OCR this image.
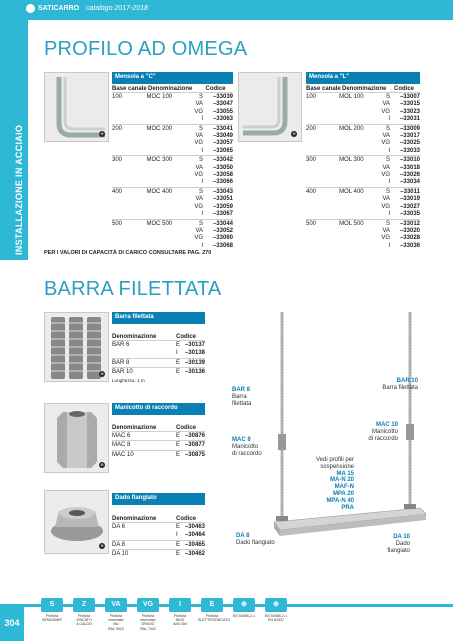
SATICARRO catalogo 2017-2018
INSTALLAZIONE IN ACCIAIO
PROFILO AD OMEGA
⊕
Mensola a "C"
Base canale Denominazione	Codice
100	MOC 100	S	–33039
VA	–33047
VG	–33055
I	–33063
200	MOC 200	S	–33041
VA	–33049
VG	–33057
I	–33065
300	MOC 300	S	–33042
VA	–33050
VG	–33058
I	–33066
400	MOC 400	S	–33043
VA	–33051
VG	–33059
I	–33067
500	MOC 500	S	–33044
VA	–33052
VG	–33060
I	–33068
⊕
Mensola a "L"
Base canale Denominazione	Codice
100	MOL 100	S	–33007
VA	–33015
VG	–33023
I	–33031
200	MOL 200	S	–33009
VA	–33017
VG	–33025
I	–33033
300	MOL 300	S	–33010
VA	–33018
VG	–33026
I	–33034
400	MOL 400	S	–33011
VA	–33019
VG	–33027
I	–33035
500	MOL 500	S	–33012
VA	–33020
VG	–33028
I	–33036
PER I VALORI DI CAPACITÀ DI CARICO CONSULTARE PAG. 270
BARRA FILETTATA
⊕
Barra filettata
Denominazione	Codice
BAR 6	E –30137
I	–30138
BAR 8	E –30139
BAR 10	E –30136
Lunghezza: 1 m
⊕
Manicotto di raccordo
Denominazione	Codice
MAC 6	E –30876
MAC 8	E –30877
MAC 10	E –30875
⊕
Dado flangiato
Denominazione	Codice
DA 6	E –30463
I	–30464
DA 8	E –30465
DA 10	E –30462
BAR 8
Barra
filettata
BAR 10
Barra filettata
MAC 8
Manicotto
di raccordo
MAC 10
Manicotto
di raccordo
Vedi profili per
sospensione
MA 15
MA-N 20
MAF-N
MPA 20
MPA-N 40
PRA
DA 8
Dado flangiato
DA 10
Dado
flangiato
304
S
Finitura
SENDZIMIR
Z
Finitura
ZINCATO
A CALDO
VA
Finitura verniciato
Blu
RAL 5012
VG
Finitura verniciato
GRIGIO
RAL 7032
I
Finitura
INOX
AISI 304
E
Finitura
ELETTROZINCATO
⊕
EN 50085-2-1
⊕
EN 50085-2-1
EN 61537
